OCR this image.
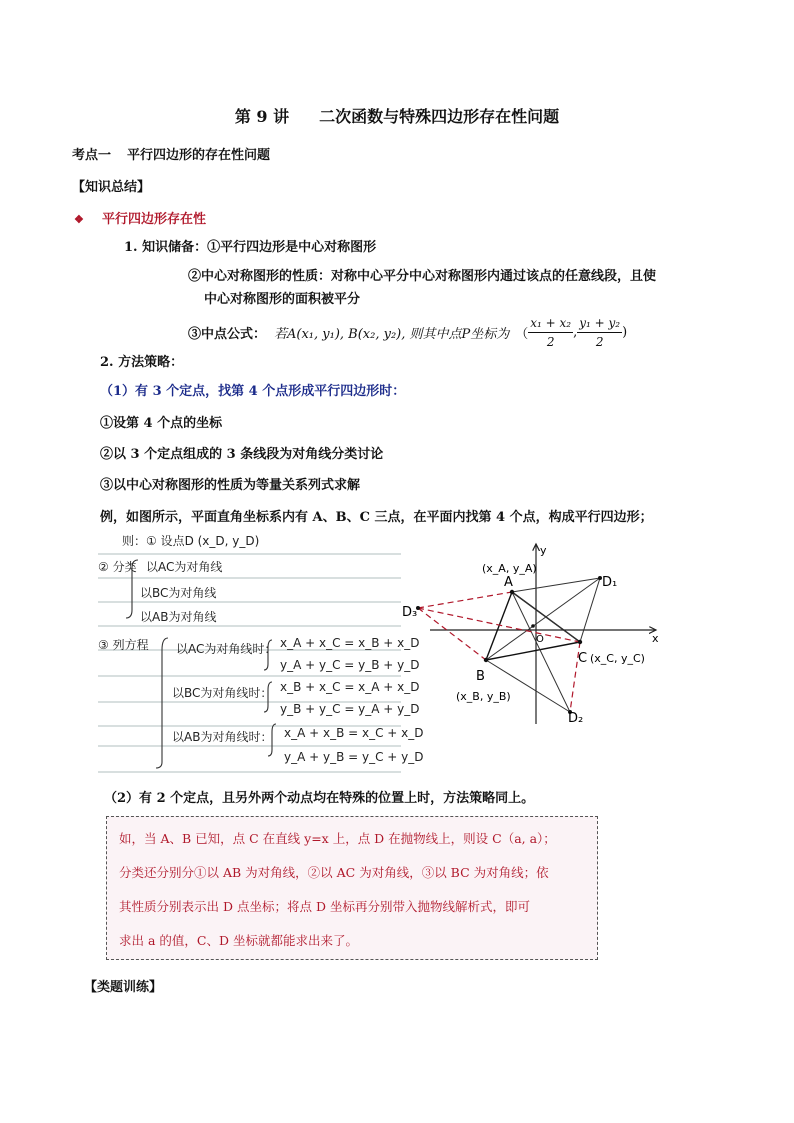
第 9 讲 二次函数与特殊四边形存在性问题
考点一 平行四边形的存在性问题
【知识总结】
❖ 平行四边形存在性
1. 知识储备：①平行四边形是中心对称图形
②中心对称图形的性质：对称中心平分中心对称图形内通过该点的任意线段，且使
中心对称图形的面积被平分
③中点公式： 若A(x₁, y₁), B(x₂, y₂), 则其中点P坐标为 （ $\frac{\text{x₁ + x₂}}{2}$ , $\frac{\text{y₁ + y₂}}{2}$ )
2. 方法策略：
（1）有 3 个定点，找第 4 个点形成平行四边形时：
①设第 4 个点的坐标
②以 3 个定点组成的 3 条线段为对角线分类讨论
③以中心对称图形的性质为等量关系列式求解
例，如图所示，平面直角坐标系内有 A、B、C 三点，在平面内找第 4 个点，构成平行四边形；
则：① 设点D (x_D, y_D)
② 分类 以AC为对角线
以BC为对角线
以AB为对角线
③ 列方程 以AC为对角线时： x_A + x_C = x_B + x_D
y_A + y_C = y_B + y_D
以BC为对角线时： x_B + x_C = x_A + x_D
y_B + y_C = y_A + y_D
以AB为对角线时： x_A + x_B = x_C + x_D
y_A + y_B = y_C + y_D
A
(x_A, y_A)
B
(x_B, y_B)
C (x_C, y_C)
D₁
D₂
D₃
x
y
O
（2）有 2 个定点，且另外两个动点均在特殊的位置上时，方法策略同上。
如，当 A、B 已知，点 C 在直线 y=x 上，点 D 在抛物线上，则设 C（a, a）；
分类还分别分①以 AB 为对角线，②以 AC 为对角线，③以 BC 为对角线；依
其性质分别表示出 D 点坐标；将点 D 坐标再分别带入抛物线解析式，即可
求出 a 的值，C、D 坐标就都能求出来了。
【类题训练】
